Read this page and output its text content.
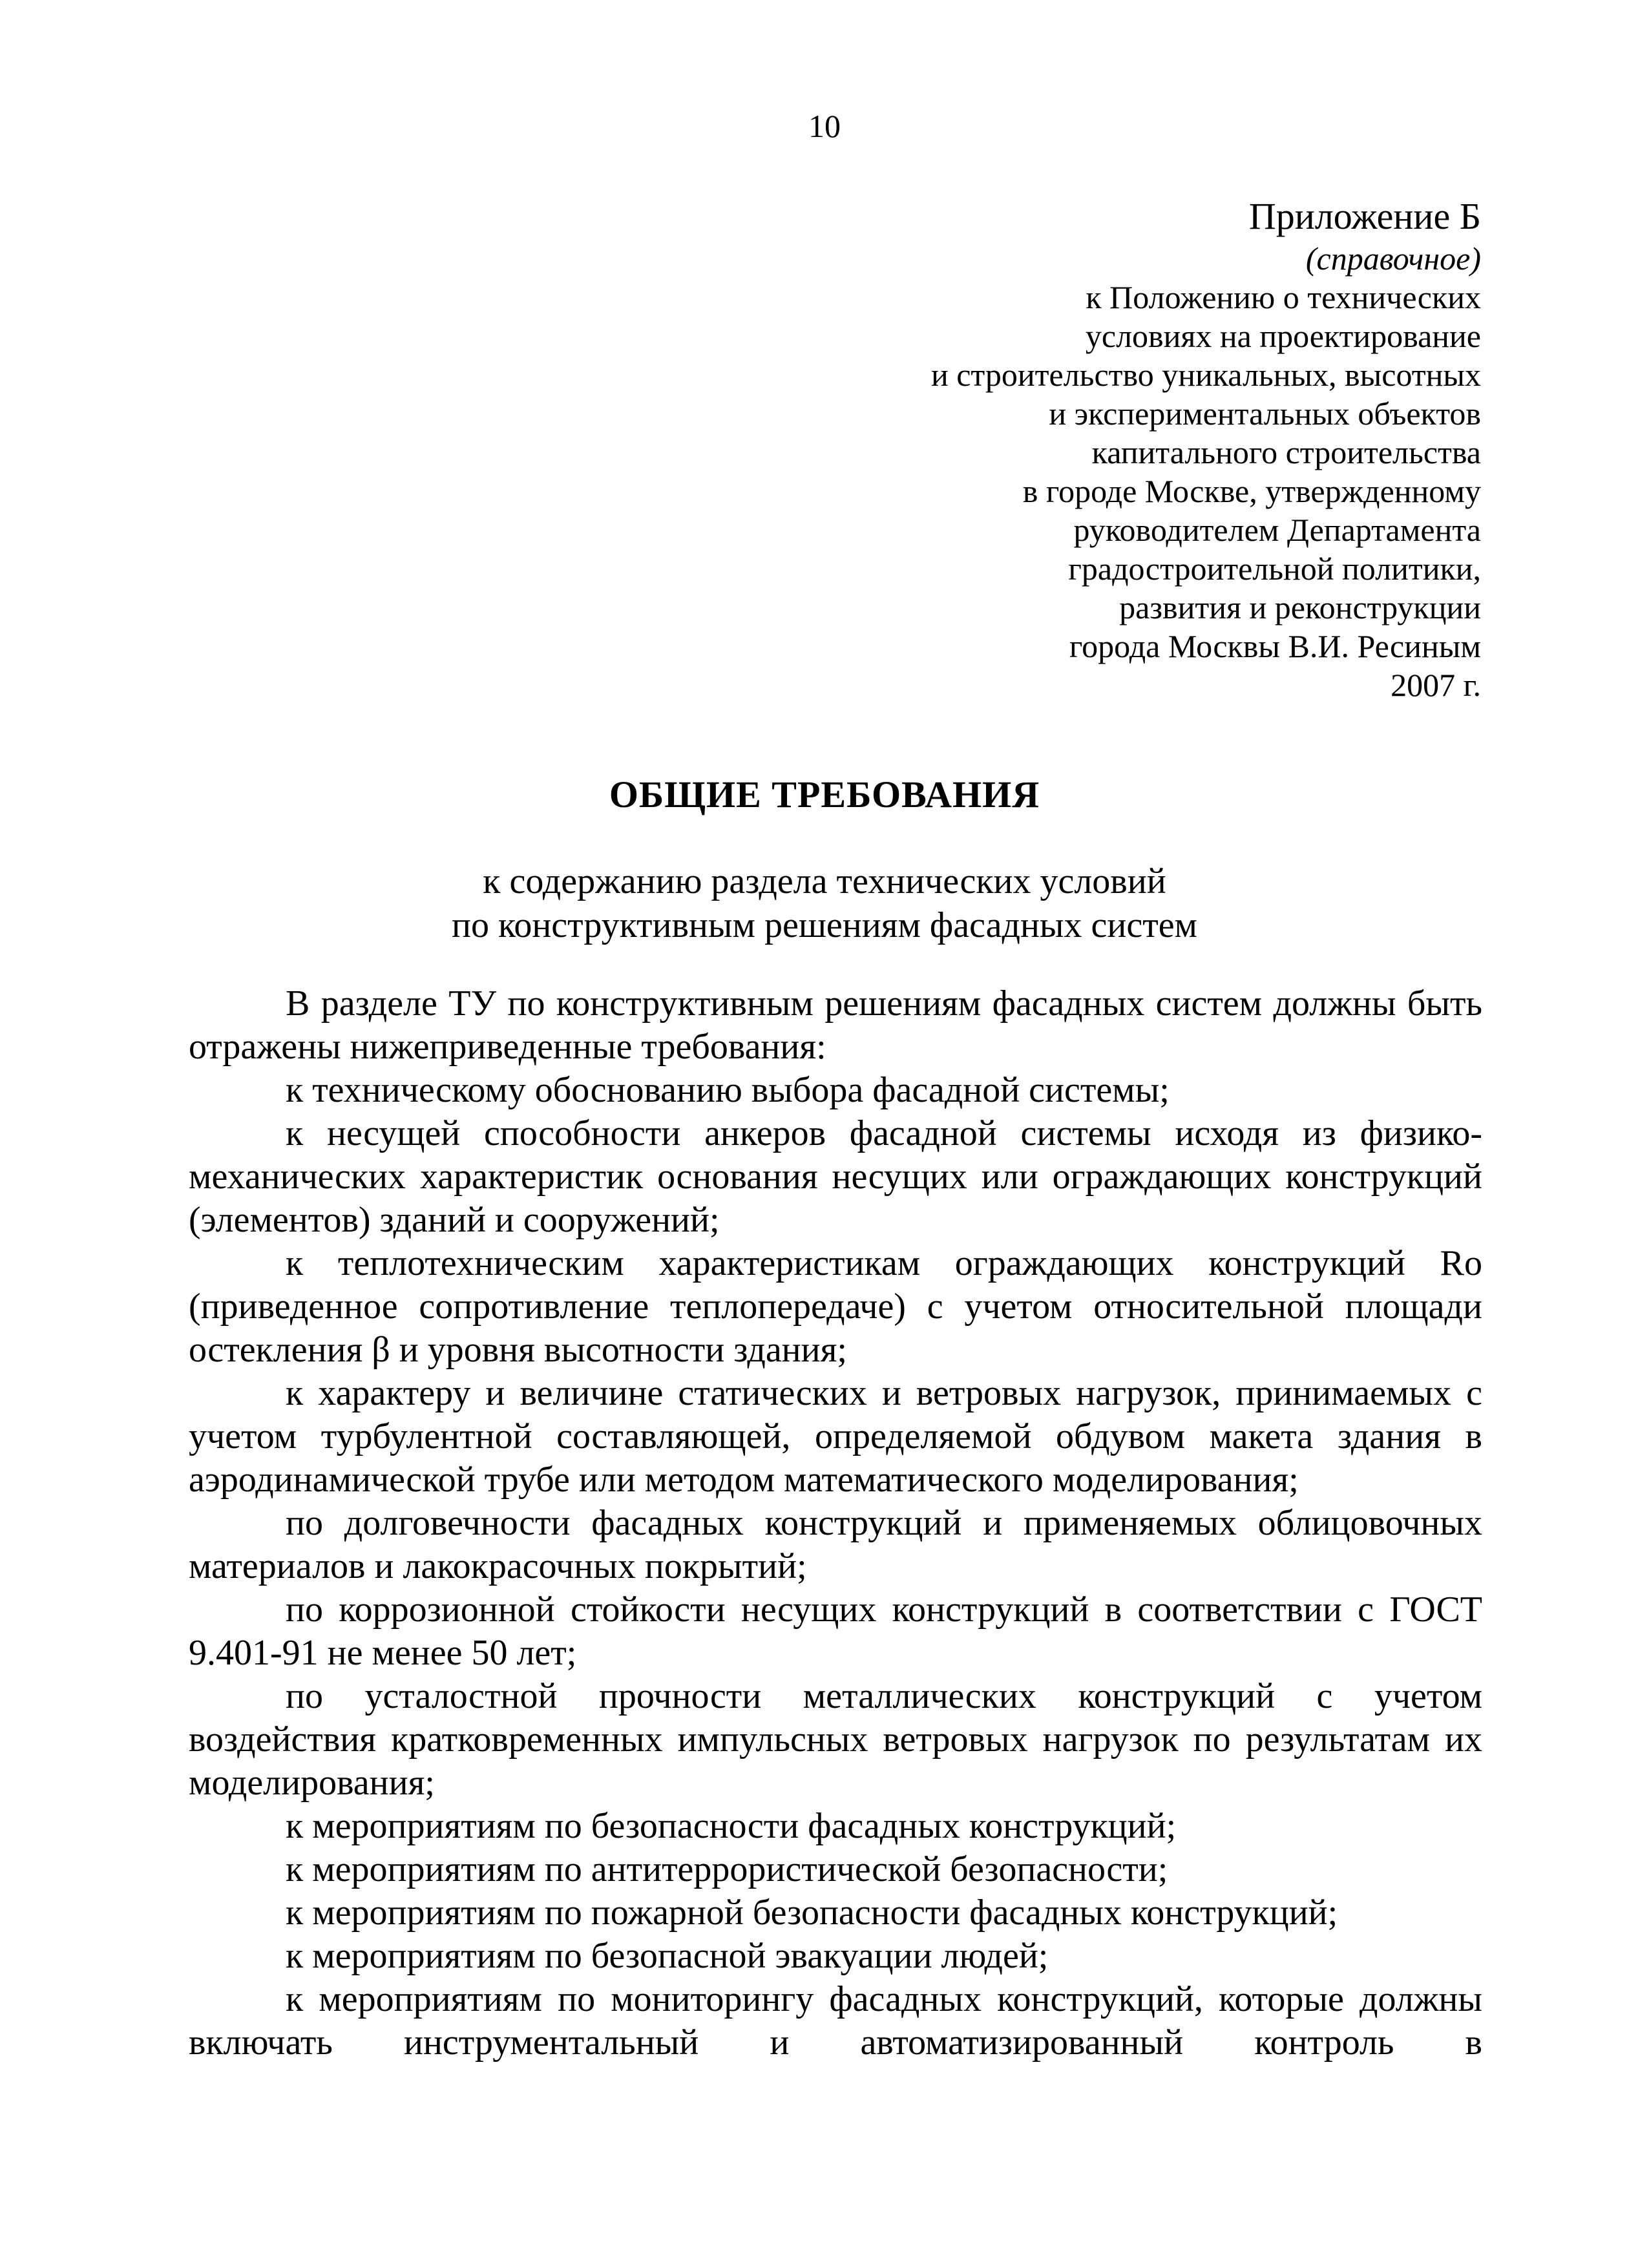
10
Приложение Б
(справочное)
к Положению о технических
условиях на проектирование
и строительство уникальных, высотных
и экспериментальных объектов
капитального строительства
в городе Москве, утвержденному
руководителем Департамента
градостроительной политики,
развития и реконструкции
города Москвы В.И. Ресиным
2007 г.
ОБЩИЕ ТРЕБОВАНИЯ
к содержанию раздела технических условий
по конструктивным решениям фасадных систем

В разделе ТУ по конструктивным решениям фасадных систем должны быть отражены нижеприведенные требования:

к техническому обоснованию выбора фасадной системы;

к несущей способности анкеров фасадной системы исходя из физико-механических характеристик основания несущих или ограждающих конструкций (элементов) зданий и сооружений;

к теплотехническим характеристикам ограждающих конструкций Ro (приведенное сопротивление теплопередаче) с учетом относительной площади остекления β и уровня высотности здания;

к характеру и величине статических и ветровых нагрузок, принимаемых с учетом турбулентной составляющей, определяемой обдувом макета здания в аэродинамической трубе или методом математического моделирования;

по долговечности фасадных конструкций и применяемых облицовочных материалов и лакокрасочных покрытий;

по коррозионной стойкости несущих конструкций в соответствии с ГОСТ 9.401-91 не менее 50 лет;

по усталостной прочности металлических конструкций с учетом воздействия кратковременных импульсных ветровых нагрузок по результатам их моделирования;

к мероприятиям по безопасности фасадных конструкций;

к мероприятиям по антитеррористической безопасности;

к мероприятиям по пожарной безопасности фасадных конструкций;

к мероприятиям по безопасной эвакуации людей;

к мероприятиям по мониторингу фасадных конструкций, которые должны включать инструментальный и автоматизированный контроль в
